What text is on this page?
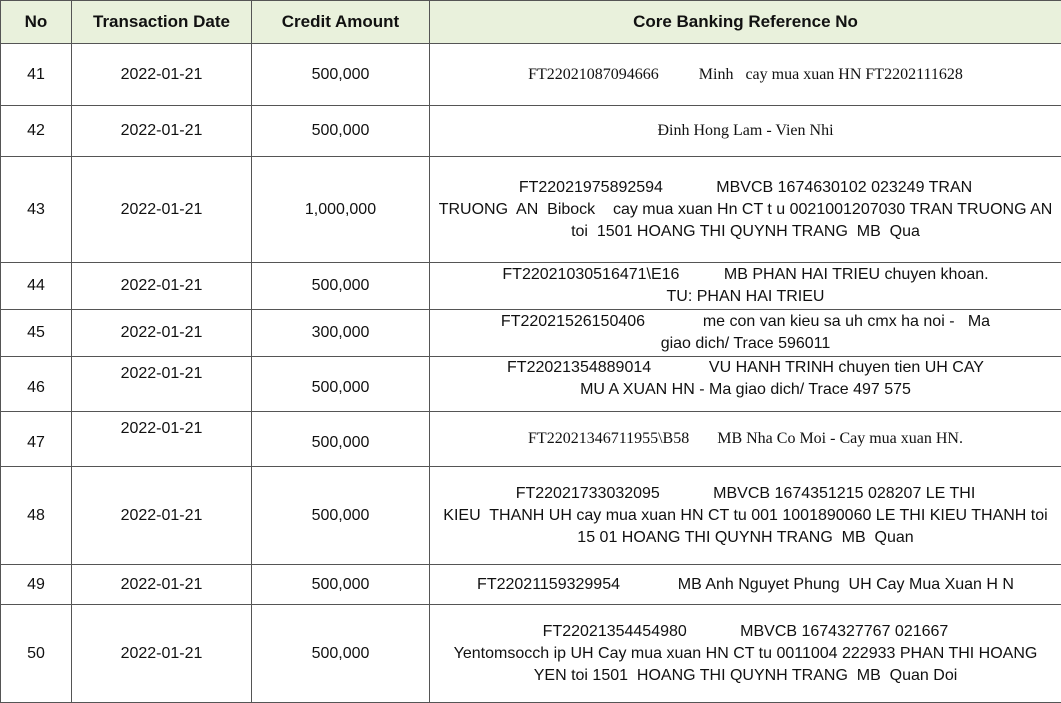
No	Transaction Date	Credit Amount	Core Banking Reference No
41	2022-01-21	500,000	FT22021087094666          Minh   cay mua xuan HN FT2202111628

42	2022-01-21	500,000	Đinh Hong Lam - Vien Nhi

43	2022-01-21	1,000,000	FT22021975892594            MBVCB 1674630102 023249 TRAN
TRUONG  AN  Bibock    cay mua xuan Hn CT t u 0021001207030 TRAN TRUONG AN
toi  1501 HOANG THI QUYNH TRANG  MB  Qua

44	2022-01-21	500,000	FT22021030516471\E16          MB PHAN HAI TRIEU chuyen khoan.
TU: PHAN HAI TRIEU

45	2022-01-21	300,000	FT22021526150406             me con van kieu sa uh cmx ha noi -   Ma
giao dich/ Trace 596011

46	2022-01-21	500,000	FT22021354889014             VU HANH TRINH chuyen tien UH CAY
MU A XUAN HN - Ma giao dich/ Trace 497 575

47	2022-01-21	500,000	FT22021346711955\B58       MB Nha Co Moi - Cay mua xuan HN.

48	2022-01-21	500,000	FT22021733032095            MBVCB 1674351215 028207 LE THI
KIEU  THANH UH cay mua xuan HN CT tu 001 1001890060 LE THI KIEU THANH toi
15 01 HOANG THI QUYNH TRANG  MB  Quan

49	2022-01-21	500,000	FT22021159329954             MB Anh Nguyet Phung  UH Cay Mua Xuan H N

50	2022-01-21	500,000	FT22021354454980            MBVCB 1674327767 021667
Yentomsocch ip UH Cay mua xuan HN CT tu 0011004 222933 PHAN THI HOANG
YEN toi 1501  HOANG THI QUYNH TRANG  MB  Quan Doi
